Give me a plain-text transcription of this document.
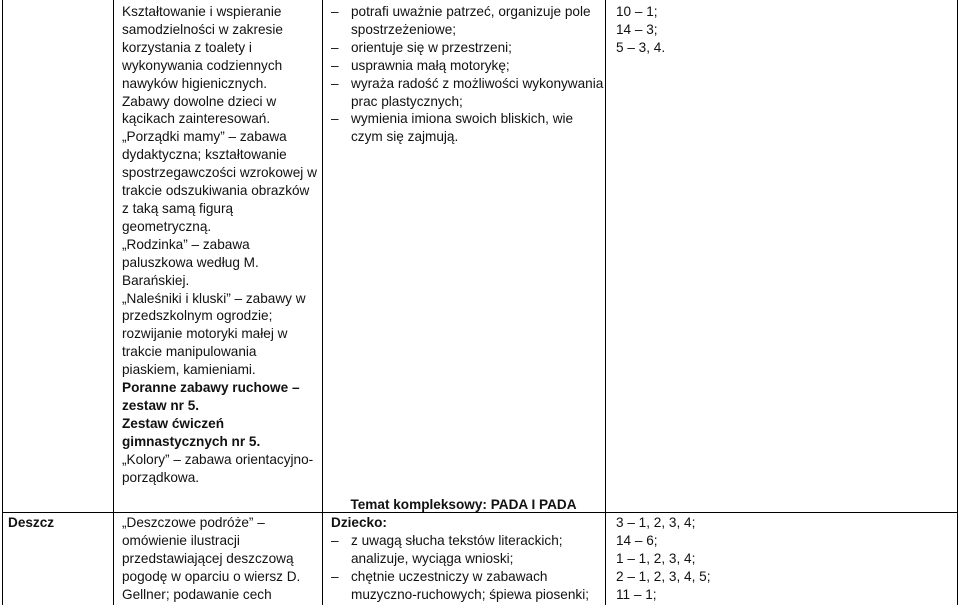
Kształtowanie i wspieranie
samodzielności w zakresie
korzystania z toalety i
wykonywania codziennych
nawyków higienicznych.
Zabawy dowolne dzieci w
kącikach zainteresowań.
„Porządki mamy” – zabawa
dydaktyczna; kształtowanie
spostrzegawczości wzrokowej w
trakcie odszukiwania obrazków
z taką samą figurą
geometryczną.
„Rodzinka” – zabawa
paluszkowa według M.
Barańskiej.
„Naleśniki i kluski” – zabawy w
przedszkolnym ogrodzie;
rozwijanie motoryki małej w
trakcie manipulowania
piaskiem, kamieniami.
Poranne zabawy ruchowe –
zestaw nr 5.
Zestaw ćwiczeń
gimnastycznych nr 5.
„Kolory” – zabawa orientacyjno-
porządkowa.
– potrafi uważnie patrzeć, organizuje pole
spostrzeżeniowe;
– orientuje się w przestrzeni;
– usprawnia małą motorykę;
– wyraża radość z możliwości wykonywania
prac plastycznych;
– wymienia imiona swoich bliskich, wie
czym się zajmują.
10 – 1;
14 – 3;
5 – 3, 4.
Temat kompleksowy: PADA I PADA
Deszcz	„Deszczowe podróże” –
omówienie ilustracji
przedstawiającej deszczową
pogodę w oparciu o wiersz D.
Gellner; podawanie cech
Dziecko:
– z uwagą słucha tekstów literackich;
analizuje, wyciąga wnioski;
– chętnie uczestniczy w zabawach
muzyczno-ruchowych; śpiewa piosenki;
3 – 1, 2, 3, 4;
14 – 6;
1 – 1, 2, 3, 4;
2 – 1, 2, 3, 4, 5;
11 – 1;
